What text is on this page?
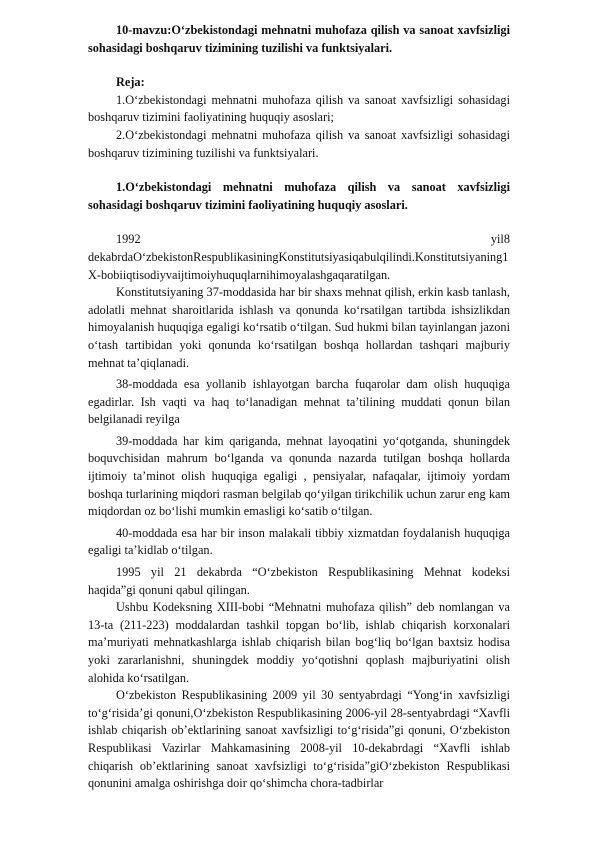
10-mavzu:O‘zbekistondagi mehnatni muhofaza qilish va sanoat xavfsizligi sohasidagi boshqaruv tizimining tuzilishi va funktsiyalari.

Reja:

1.O‘zbekistondagi mehnatni muhofaza qilish va sanoat xavfsizligi sohasidagi boshqaruv tizimini faoliyatining huquqiy asoslari;

2.O‘zbekistondagi mehnatni muhofaza qilish va sanoat xavfsizligi sohasidagi boshqaruv tizimining tuzilishi va funktsiyalari.

1.O‘zbekistondagi mehnatni muhofaza qilish va sanoat xavfsizligi sohasidagi boshqaruv tizimini faoliyatining huquqiy asoslari.

1992	yil8

dekabrdaO‘zbekistonRespublikasiningKonstitutsiyasiqabulqilindi.Konstitutsiyaning1X-bobiiqtisodiyvaijtimoiyhuquqlarnihimoyalashgaqaratilgan.

Konstitutsiyaning 37-moddasida har bir shaxs mehnat qilish, erkin kasb tanlash, adolatli mehnat sharoitlarida ishlash va qonunda ko‘rsatilgan tartibda ishsizlikdan himoyalanish huquqiga egaligi ko‘rsatib o‘tilgan. Sud hukmi bilan tayinlangan jazoni o‘tash tartibidan yoki qonunda ko‘rsatilgan boshqa hollardan tashqari majburiy mehnat ta’qiqlanadi.

38-moddada esa yollanib ishlayotgan barcha fuqarolar dam olish huquqiga egadirlar. Ish vaqti va haq to‘lanadigan mehnat ta’tilining muddati qonun bilan belgilanadi reyilga

39-moddada har kim qariganda, mehnat layoqatini yo‘qotganda, shuningdek boquvchisidan mahrum bo‘lganda va qonunda nazarda tutilgan boshqa hollarda ijtimoiy ta’minot olish huquqiga egaligi , pensiyalar, nafaqalar, ijtimoiy yordam boshqa turlarining miqdori rasman belgilab qo‘yilgan tirikchilik uchun zarur eng kam miqdordan oz bo‘lishi mumkin emasligi ko‘satib o‘tilgan.

40-moddada esa har bir inson malakali tibbiy xizmatdan foydalanish huquqiga egaligi ta’kidlab o‘tilgan.

1995 yil 21 dekabrda “O‘zbekiston Respublikasining Mehnat kodeksi haqida”gi qonuni qabul qilingan.

Ushbu Kodeksning XIII-bobi “Mehnatni muhofaza qilish” deb nomlangan va 13-ta (211-223) moddalardan tashkil topgan bo‘lib, ishlab chiqarish korxonalari ma’muriyati mehnatkashlarga ishlab chiqarish bilan bog‘liq bo‘lgan baxtsiz hodisa yoki zararlanishni, shuningdek moddiy yo‘qotishni qoplash majburiyatini olish alohida ko‘rsatilgan.

O‘zbekiston Respublikasining 2009 yil 30 sentyabrdagi “Yong‘in xavfsizligi to‘g‘risida’gi qonuni,O‘zbekiston Respublikasining 2006-yil 28-sentyabrdagi “Xavfli ishlab chiqarish ob’ektlarining sanoat xavfsizligi to‘g‘risida”gi qonuni, O‘zbekiston Respublikasi Vazirlar Mahkamasining 2008-yil 10-dekabrdagi “Xavfli ishlab chiqarish ob’ektlarining sanoat xavfsizligi to‘g‘risida”giO‘zbekiston Respublikasi qonunini amalga oshirishga doir qo‘shimcha chora-tadbirlar
